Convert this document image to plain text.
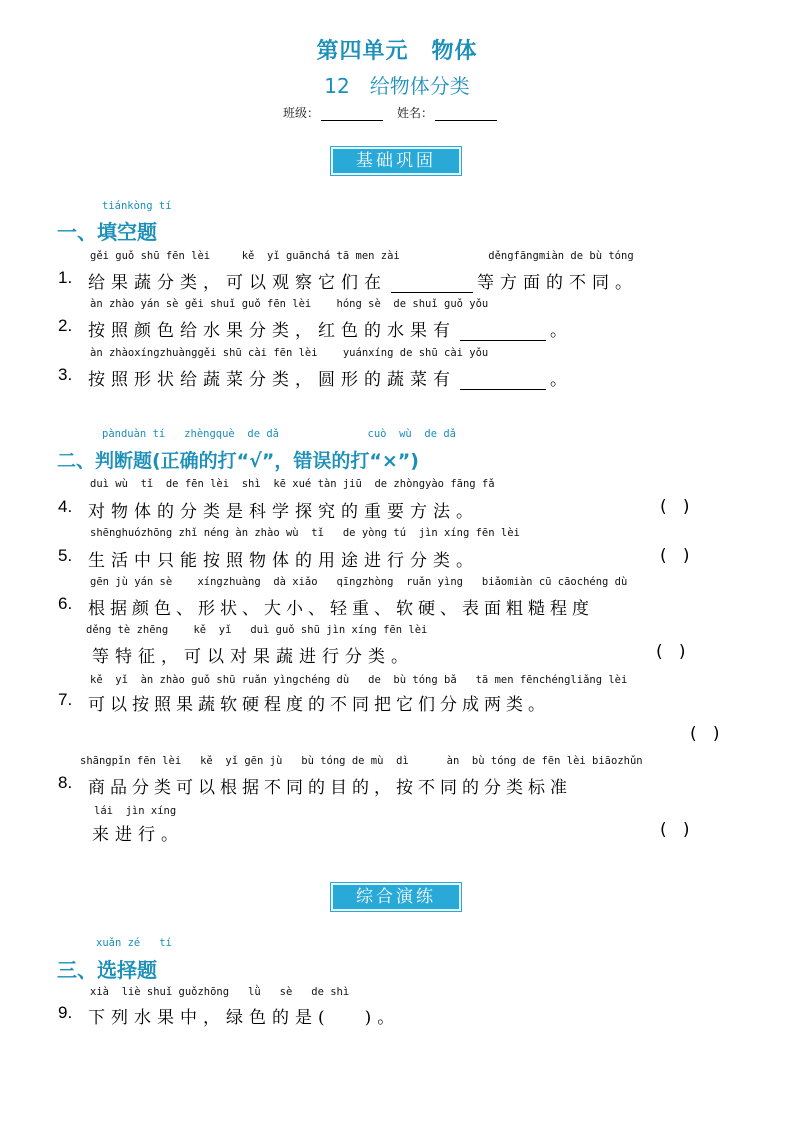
第四单元　物体
12　给物体分类
班级：	姓名：
基础巩固
tiánkòng tí
一、填空题
gěi guǒ shū fēn lèi     kě  yǐ guānchá tā men zài              děngfāngmiàn de bù tóng
1. 给果蔬分类，可以观察它们在	等方面的不同。
àn zhào yán sè gěi shuǐ guǒ fēn lèi    hóng sè  de shuǐ guǒ yǒu
2. 按照颜色给水果分类，红色的水果有	。
àn zhàoxíngzhuànggěi shū cài fēn lèi    yuánxíng de shū cài yǒu
3. 按照形状给蔬菜分类，圆形的蔬菜有	。
pànduàn tí   zhèngquè  de dǎ              cuò  wù  de dǎ
二、判断题(正确的打“√”，错误的打“×”)
duì wù  tǐ  de fēn lèi  shì  kē xué tàn jiū  de zhòngyào fāng fǎ
4. 对物体的分类是科学探究的重要方法。	(   )
shēnghuózhōng zhǐ néng àn zhào wù  tǐ   de yòng tú  jìn xíng fēn lèi
5. 生活中只能按照物体的用途进行分类。	(   )
gēn jù yán sè    xíngzhuàng  dà xiǎo   qīngzhòng  ruǎn yìng   biǎomiàn cū cāochéng dù
6. 根据颜色、形状、大小、轻重、软硬、表面粗糙程度
děng tè zhēng    kě  yǐ   duì guǒ shū jìn xíng fēn lèi
等特征，可以对果蔬进行分类。	(   )
kě  yǐ  àn zhào guǒ shū ruǎn yìngchéng dù   de  bù tóng bǎ   tā men fēnchéngliǎng lèi
7. 可以按照果蔬软硬程度的不同把它们分成两类。
(   )
shāngpǐn fēn lèi   kě  yǐ gēn jù   bù tóng de mù  dì      àn  bù tóng de fēn lèi biāozhǔn
8. 商品分类可以根据不同的目的，按不同的分类标准
lái  jìn xíng
来进行。	(   )
综合演练
xuǎn zé   tí
三、选择题
xià  liè shuǐ guǒzhōng   lǜ   sè   de shì
9. 下列水果中，绿色的是( )。
